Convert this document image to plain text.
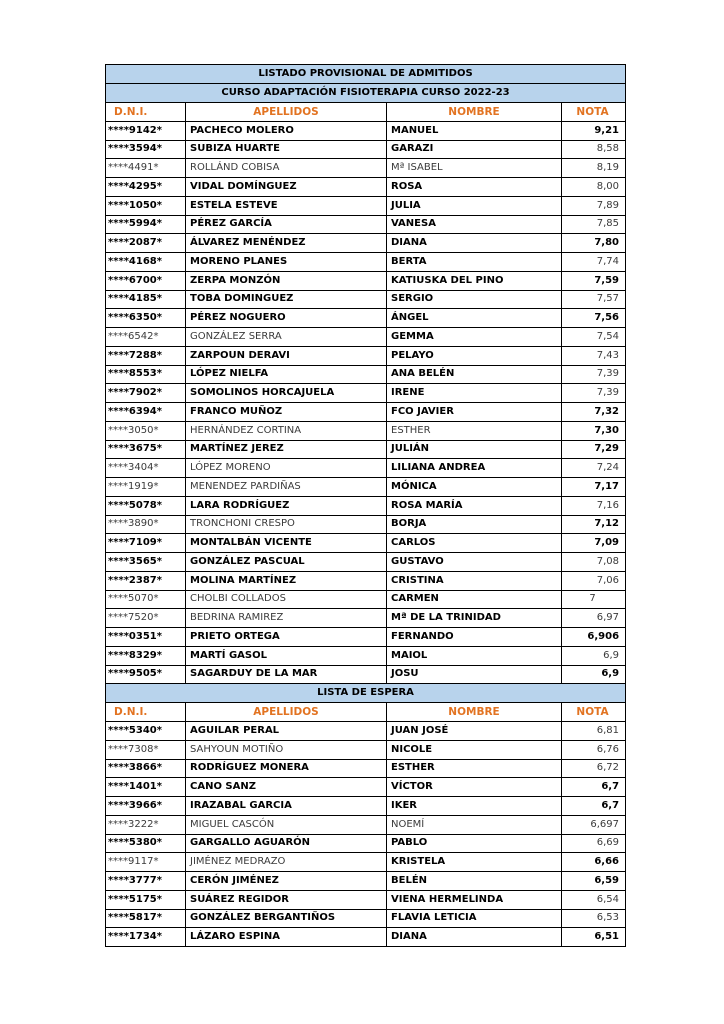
LISTADO PROVISIONAL DE ADMITIDOS			
CURSO ADAPTACIÓN FISIOTERAPIA CURSO 2022-23			
D.N.I.	APELLIDOS	NOMBRE	NOTA
****9142*	PACHECO MOLERO	MANUEL	9,21
****3594*	SUBIZA HUARTE	GARAZI	8,58
****4491*	ROLLÁND COBISA	Mª ISABEL	8,19
****4295*	VIDAL DOMÍNGUEZ	ROSA	8,00
****1050*	ESTELA ESTEVE	JULIA	7,89
****5994*	PÉREZ GARCÍA	VANESA	7,85
****2087*	ÁLVAREZ MENÉNDEZ	DIANA	7,80
****4168*	MORENO PLANES	BERTA	7,74
****6700*	ZERPA MONZÓN	KATIUSKA DEL PINO	7,59
****4185*	TOBA DOMINGUEZ	SERGIO	7,57
****6350*	PÉREZ NOGUERO	ÁNGEL	7,56
****6542*	GONZÁLEZ SERRA	GEMMA	7,54
****7288*	ZARPOUN DERAVI	PELAYO	7,43
****8553*	LÓPEZ NIELFA	ANA BELÉN	7,39
****7902*	SOMOLINOS HORCAJUELA	IRENE	7,39
****6394*	FRANCO MUÑOZ	FCO JAVIER	7,32
****3050*	HERNÁNDEZ CORTINA	ESTHER	7,30
****3675*	MARTÍNEZ JEREZ	JULIÁN	7,29
****3404*	LÓPEZ MORENO	LILIANA ANDREA	7,24
****1919*	MENENDEZ PARDIÑAS	MÓNICA	7,17
****5078*	LARA RODRÍGUEZ	ROSA MARÍA	7,16
****3890*	TRONCHONI CRESPO	BORJA	7,12
****7109*	MONTALBÁN VICENTE	CARLOS	7,09
****3565*	GONZÁLEZ PASCUAL	GUSTAVO	7,08
****2387*	MOLINA MARTÍNEZ	CRISTINA	7,06
****5070*	CHOLBI COLLADOS	CARMEN	7
****7520*	BEDRINA RAMIREZ	Mª DE LA TRINIDAD	6,97
****0351*	PRIETO ORTEGA	FERNANDO	6,906
****8329*	MARTÍ GASOL	MAIOL	6,9
****9505*	SAGARDUY DE LA MAR	JOSU	6,9
LISTA DE ESPERA			
D.N.I.	APELLIDOS	NOMBRE	NOTA
****5340*	AGUILAR PERAL	JUAN JOSÉ	6,81
****7308*	SAHYOUN MOTIÑO	NICOLE	6,76
****3866*	RODRÍGUEZ MONERA	ESTHER	6,72
****1401*	CANO SANZ	VÍCTOR	6,7
****3966*	IRAZABAL GARCIA	IKER	6,7
****3222*	MIGUEL CASCÓN	NOEMÍ	6,697
****5380*	GARGALLO AGUARÓN	PABLO	6,69
****9117*	JIMÉNEZ MEDRAZO	KRISTELA	6,66
****3777*	CERÓN JIMÉNEZ	BELÉN	6,59
****5175*	SUÁREZ REGIDOR	VIENA HERMELINDA	6,54
****5817*	GONZÁLEZ BERGANTIÑOS	FLAVIA LETICIA	6,53
****1734*	LÁZARO ESPINA	DIANA	6,51
